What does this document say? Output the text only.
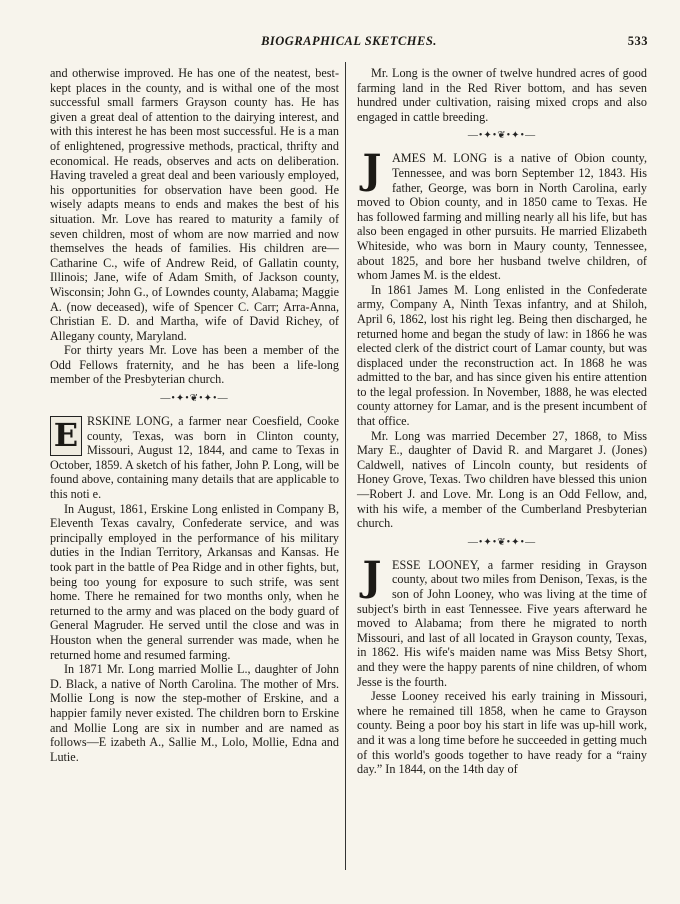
BIOGRAPHICAL SKETCHES.	533

and otherwise improved. He has one of the neatest, best-kept places in the county, and is withal one of the most successful small farmers Grayson county has. He has given a great deal of attention to the dairying interest, and with this interest he has been most successful. He is a man of enlightened, progressive methods, practical, thrifty and economical. He reads, observes and acts on deliberation. Having traveled a great deal and been variously employed, his opportunities for observation have been good. He wisely adapts means to ends and makes the best of his situation. Mr. Love has reared to maturity a family of seven children, most of whom are now married and now themselves the heads of families. His children are—Catharine C., wife of Andrew Reid, of Gallatin county, Illinois; Jane, wife of Adam Smith, of Jackson county, Wisconsin; John G., of Lowndes county, Alabama; Maggie A. (now deceased), wife of Spencer C. Carr; Arra-Anna, Christian E. D. and Martha, wife of David Richey, of Allegany county, Maryland.

For thirty years Mr. Love has been a member of the Odd Fellows fraternity, and he has been a life-long member of the Presbyterian church.

—•✦•❦•✦•—
E RSKINE LONG, a farmer near Coesfield, Cooke county, Texas, was born in Clinton county, Missouri, August 12, 1844, and came to Texas in October, 1859. A sketch of his father, John P. Long, will be found above, containing many details that are applicable to this noti e.

In August, 1861, Erskine Long enlisted in Company B, Eleventh Texas cavalry, Confederate service, and was principally employed in the performance of his military duties in the Indian Territory, Arkansas and Kansas. He took part in the battle of Pea Ridge and in other fights, but, being too young for exposure to such strife, was sent home. There he remained for two months only, when he returned to the army and was placed on the body guard of General Magruder. He served until the close and was in Houston when the general surrender was made, when he returned home and resumed farming.

In 1871 Mr. Long married Mollie L., daughter of John D. Black, a native of North Carolina. The mother of Mrs. Mollie Long is now the step-mother of Erskine, and a happier family never existed. The children born to Erskine and Mollie Long are six in number and are named as follows—E izabeth A., Sallie M., Lolo, Mollie, Edna and Lutie.

Mr. Long is the owner of twelve hundred acres of good farming land in the Red River bottom, and has seven hundred under cultivation, raising mixed crops and also engaged in cattle breeding.

—•✦•❦•✦•—
J AMES M. LONG is a native of Obion county, Tennessee, and was born September 12, 1843. His father, George, was born in North Carolina, early moved to Obion county, and in 1850 came to Texas. He has followed farming and milling nearly all his life, but has also been engaged in other pursuits. He married Elizabeth Whiteside, who was born in Maury county, Tennessee, about 1825, and bore her husband twelve children, of whom James M. is the eldest.

In 1861 James M. Long enlisted in the Confederate army, Company A, Ninth Texas infantry, and at Shiloh, April 6, 1862, lost his right leg. Being then discharged, he returned home and began the study of law: in 1866 he was elected clerk of the district court of Lamar county, but was displaced under the reconstruction act. In 1868 he was admitted to the bar, and has since given his entire attention to the legal profession. In November, 1888, he was elected county attorney for Lamar, and is the present incumbent of that office.

Mr. Long was married December 27, 1868, to Miss Mary E., daughter of David R. and Margaret J. (Jones) Caldwell, natives of Lincoln county, but residents of Honey Grove, Texas. Two children have blessed this union—Robert J. and Love. Mr. Long is an Odd Fellow, and, with his wife, a member of the Cumberland Presbyterian church.

—•✦•❦•✦•—
J ESSE LOONEY, a farmer residing in Grayson county, about two miles from Denison, Texas, is the son of John Looney, who was living at the time of subject's birth in east Tennessee. Five years afterward he moved to Alabama; from there he migrated to north Missouri, and last of all located in Grayson county, Texas, in 1862. His wife's maiden name was Miss Betsy Short, and they were the happy parents of nine children, of whom Jesse is the fourth.

Jesse Looney received his early training in Missouri, where he remained till 1858, when he came to Grayson county. Being a poor boy his start in life was up-hill work, and it was a long time before he succeeded in getting much of this world's goods together to have ready for a “rainy day.” In 1844, on the 14th day of
